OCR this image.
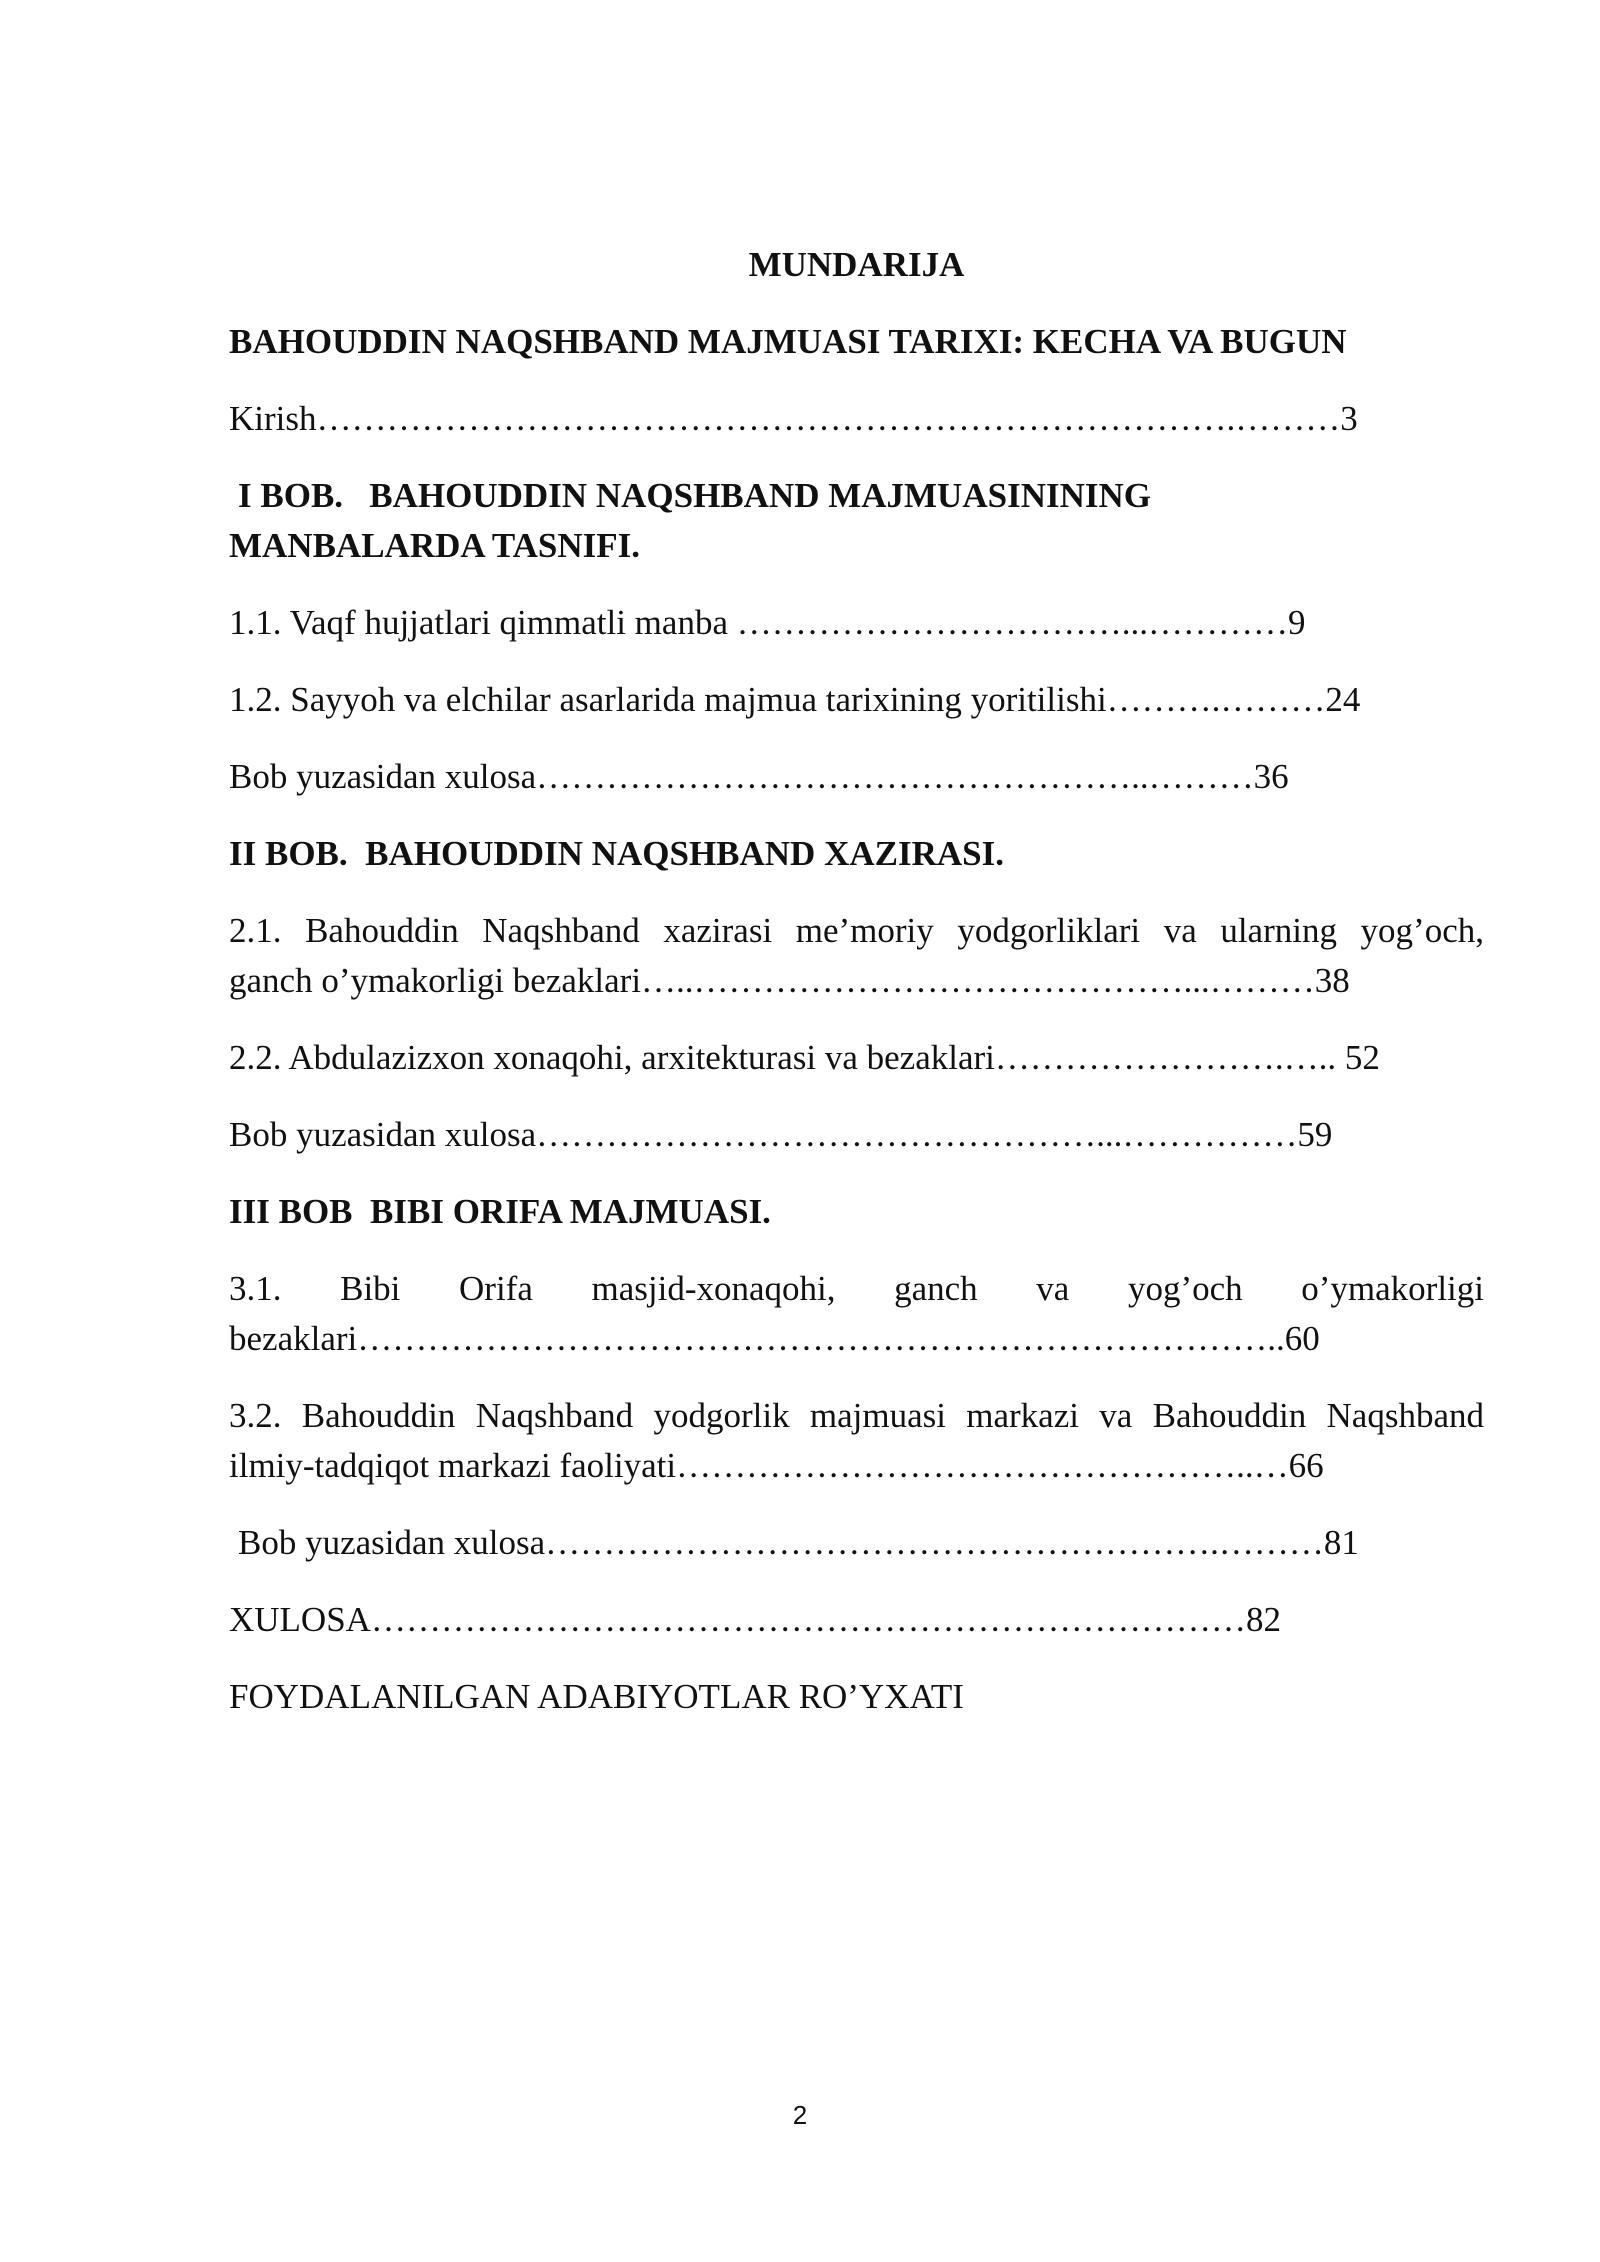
MUNDARIJA
BAHOUDDIN NAQSHBAND MAJMUASI TARIXI: KECHA VA BUGUN
Kirish…………………………………………………………………….………3
I BOB.   BAHOUDDIN NAQSHBAND MAJMUASININING
MANBALARDA TASNIFI.
1.1. Vaqf hujjatlari qimmatli manba ……………………………...…………9
1.2. Sayyoh va elchilar asarlarida majmua tarixining yoritilishi……….………24
Bob yuzasidan xulosa……………………………………………..………36
II BOB.  BAHOUDDIN NAQSHBAND XAZIRASI.
2.1. Bahouddin Naqshband xazirasi me’moriy yodgorliklari va ularning yog’och,
ganch o’ymakorligi bezaklari…..……………………………………...………38
2.2. Abdulazizxon xonaqohi, arxitekturasi va bezaklari…………………….….. 52
Bob yuzasidan xulosa…………………………………………...……………59
III BOB  BIBI ORIFA MAJMUASI.
3.1. Bibi Orifa masjid-xonaqohi, ganch va yog’och o’ymakorligi
bezaklari……………………………………………………………………..60
3.2. Bahouddin Naqshband yodgorlik majmuasi markazi va Bahouddin Naqshband
ilmiy-tadqiqot markazi faoliyati…………………………………………..…66
Bob yuzasidan xulosa………………………………………………….………81
XULOSA…………………………………………………………………82
FOYDALANILGAN ADABIYOTLAR RO’YXATI
2
